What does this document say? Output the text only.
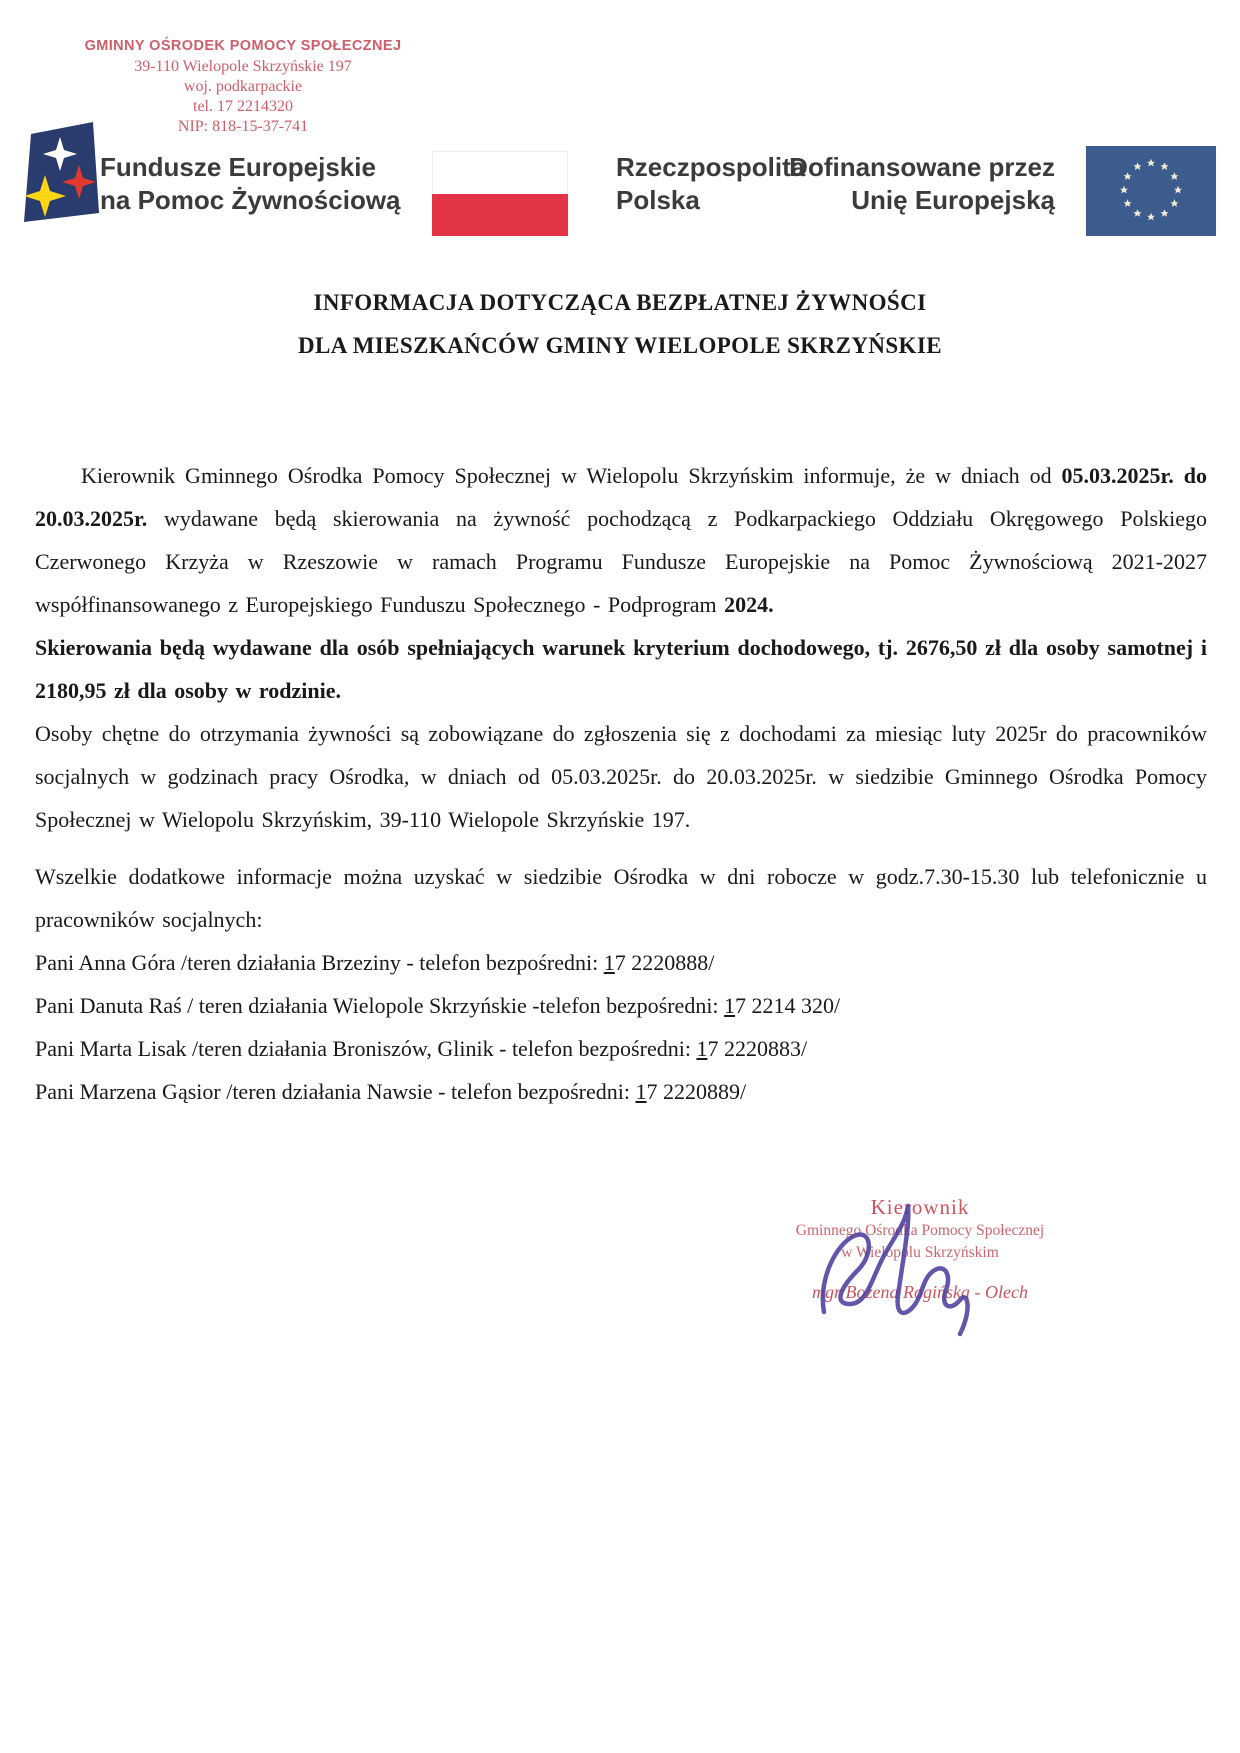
GMINNY OŚRODEK POMOCY SPOŁECZNEJ
39-110 Wielopole Skrzyńskie 197
woj. podkarpackie
tel. 17 2214320
NIP: 818-15-37-741
Fundusze Europejskie
na Pomoc Żywnościową
Rzeczpospolita
Polska
Dofinansowane przez
Unię Europejską
INFORMACJA DOTYCZĄCA BEZPŁATNEJ ŻYWNOŚCI
DLA MIESZKAŃCÓW GMINY WIELOPOLE SKRZYŃSKIE

Kierownik Gminnego Ośrodka Pomocy Społecznej w Wielopolu Skrzyńskim informuje, że w dniach od 05.03.2025r. do 20.03.2025r. wydawane będą skierowania na żywność pochodzącą z Podkarpackiego Oddziału Okręgowego Polskiego Czerwonego Krzyża w Rzeszowie w ramach Programu Fundusze Europejskie na Pomoc Żywnościową 2021-2027 współfinansowanego z Europejskiego Funduszu Społecznego - Podprogram 2024.

Skierowania będą wydawane dla osób spełniających warunek kryterium dochodowego, tj. 2676,50 zł dla osoby samotnej i 2180,95 zł dla osoby w rodzinie.

Osoby chętne do otrzymania żywności są zobowiązane do zgłoszenia się z dochodami za miesiąc luty 2025r do pracowników socjalnych w godzinach pracy Ośrodka, w dniach od 05.03.2025r. do 20.03.2025r. w siedzibie Gminnego Ośrodka Pomocy Społecznej w Wielopolu Skrzyńskim, 39-110 Wielopole Skrzyńskie 197.

Wszelkie dodatkowe informacje można uzyskać w siedzibie Ośrodka w dni robocze w godz.7.30-15.30 lub telefonicznie u pracowników socjalnych:

Pani Anna Góra /teren działania Brzeziny - telefon bezpośredni: 17 2220888/
Pani Danuta Raś / teren działania Wielopole Skrzyńskie -telefon bezpośredni: 17 2214 320/
Pani Marta Lisak /teren działania Broniszów, Glinik - telefon bezpośredni: 17 2220883/
Pani Marzena Gąsior /teren działania Nawsie - telefon bezpośredni: 17 2220889/
Kierownik
Gminnego Ośrodka Pomocy Społecznej
w Wielopolu Skrzyńskim
mgr Bożena Rogińska - Olech
